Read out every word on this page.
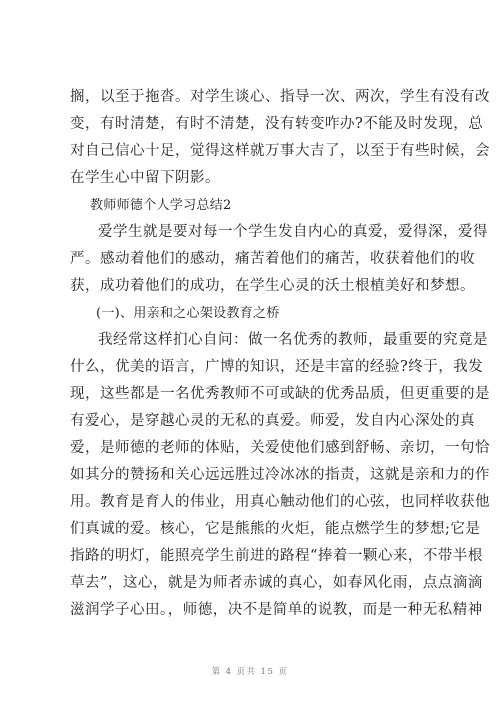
搁，以至于拖沓。对学生谈心、指导一次、两次，学生有没有改
变，有时清楚，有时不清楚，没有转变咋办?不能及时发现，总
对自己信心十足，觉得这样就万事大吉了，以至于有些时候，会
在学生心中留下阴影。
教师师德个人学习总结2
爱学生就是要对每一个学生发自内心的真爱，爱得深，爱得
严。感动着他们的感动，痛苦着他们的痛苦，收获着他们的收
获，成功着他们的成功，在学生心灵的沃土根植美好和梦想。
(一)、用亲和之心架设教育之桥
我经常这样扪心自问：做一名优秀的教师，最重要的究竟是
什么，优美的语言，广博的知识，还是丰富的经验?终于，我发
现，这些都是一名优秀教师不可或缺的优秀品质，但更重要的是
有爱心，是穿越心灵的无私的真爱。师爱，发自内心深处的真
爱，是师德的老师的体贴，关爱使他们感到舒畅、亲切，一句恰
如其分的赞扬和关心远远胜过冷冰冰的指责，这就是亲和力的作
用。教育是育人的伟业，用真心触动他们的心弦，也同样收获他
们真诚的爱。核心，它是熊熊的火炬，能点燃学生的梦想;它是
指路的明灯，能照亮学生前进的路程“捧着一颗心来，不带半根
草去”，这心，就是为师者赤诚的真心，如春风化雨，点点滴滴
滋润学子心田。，师德，决不是简单的说教，而是一种无私精神
第 4 页共 15 页
